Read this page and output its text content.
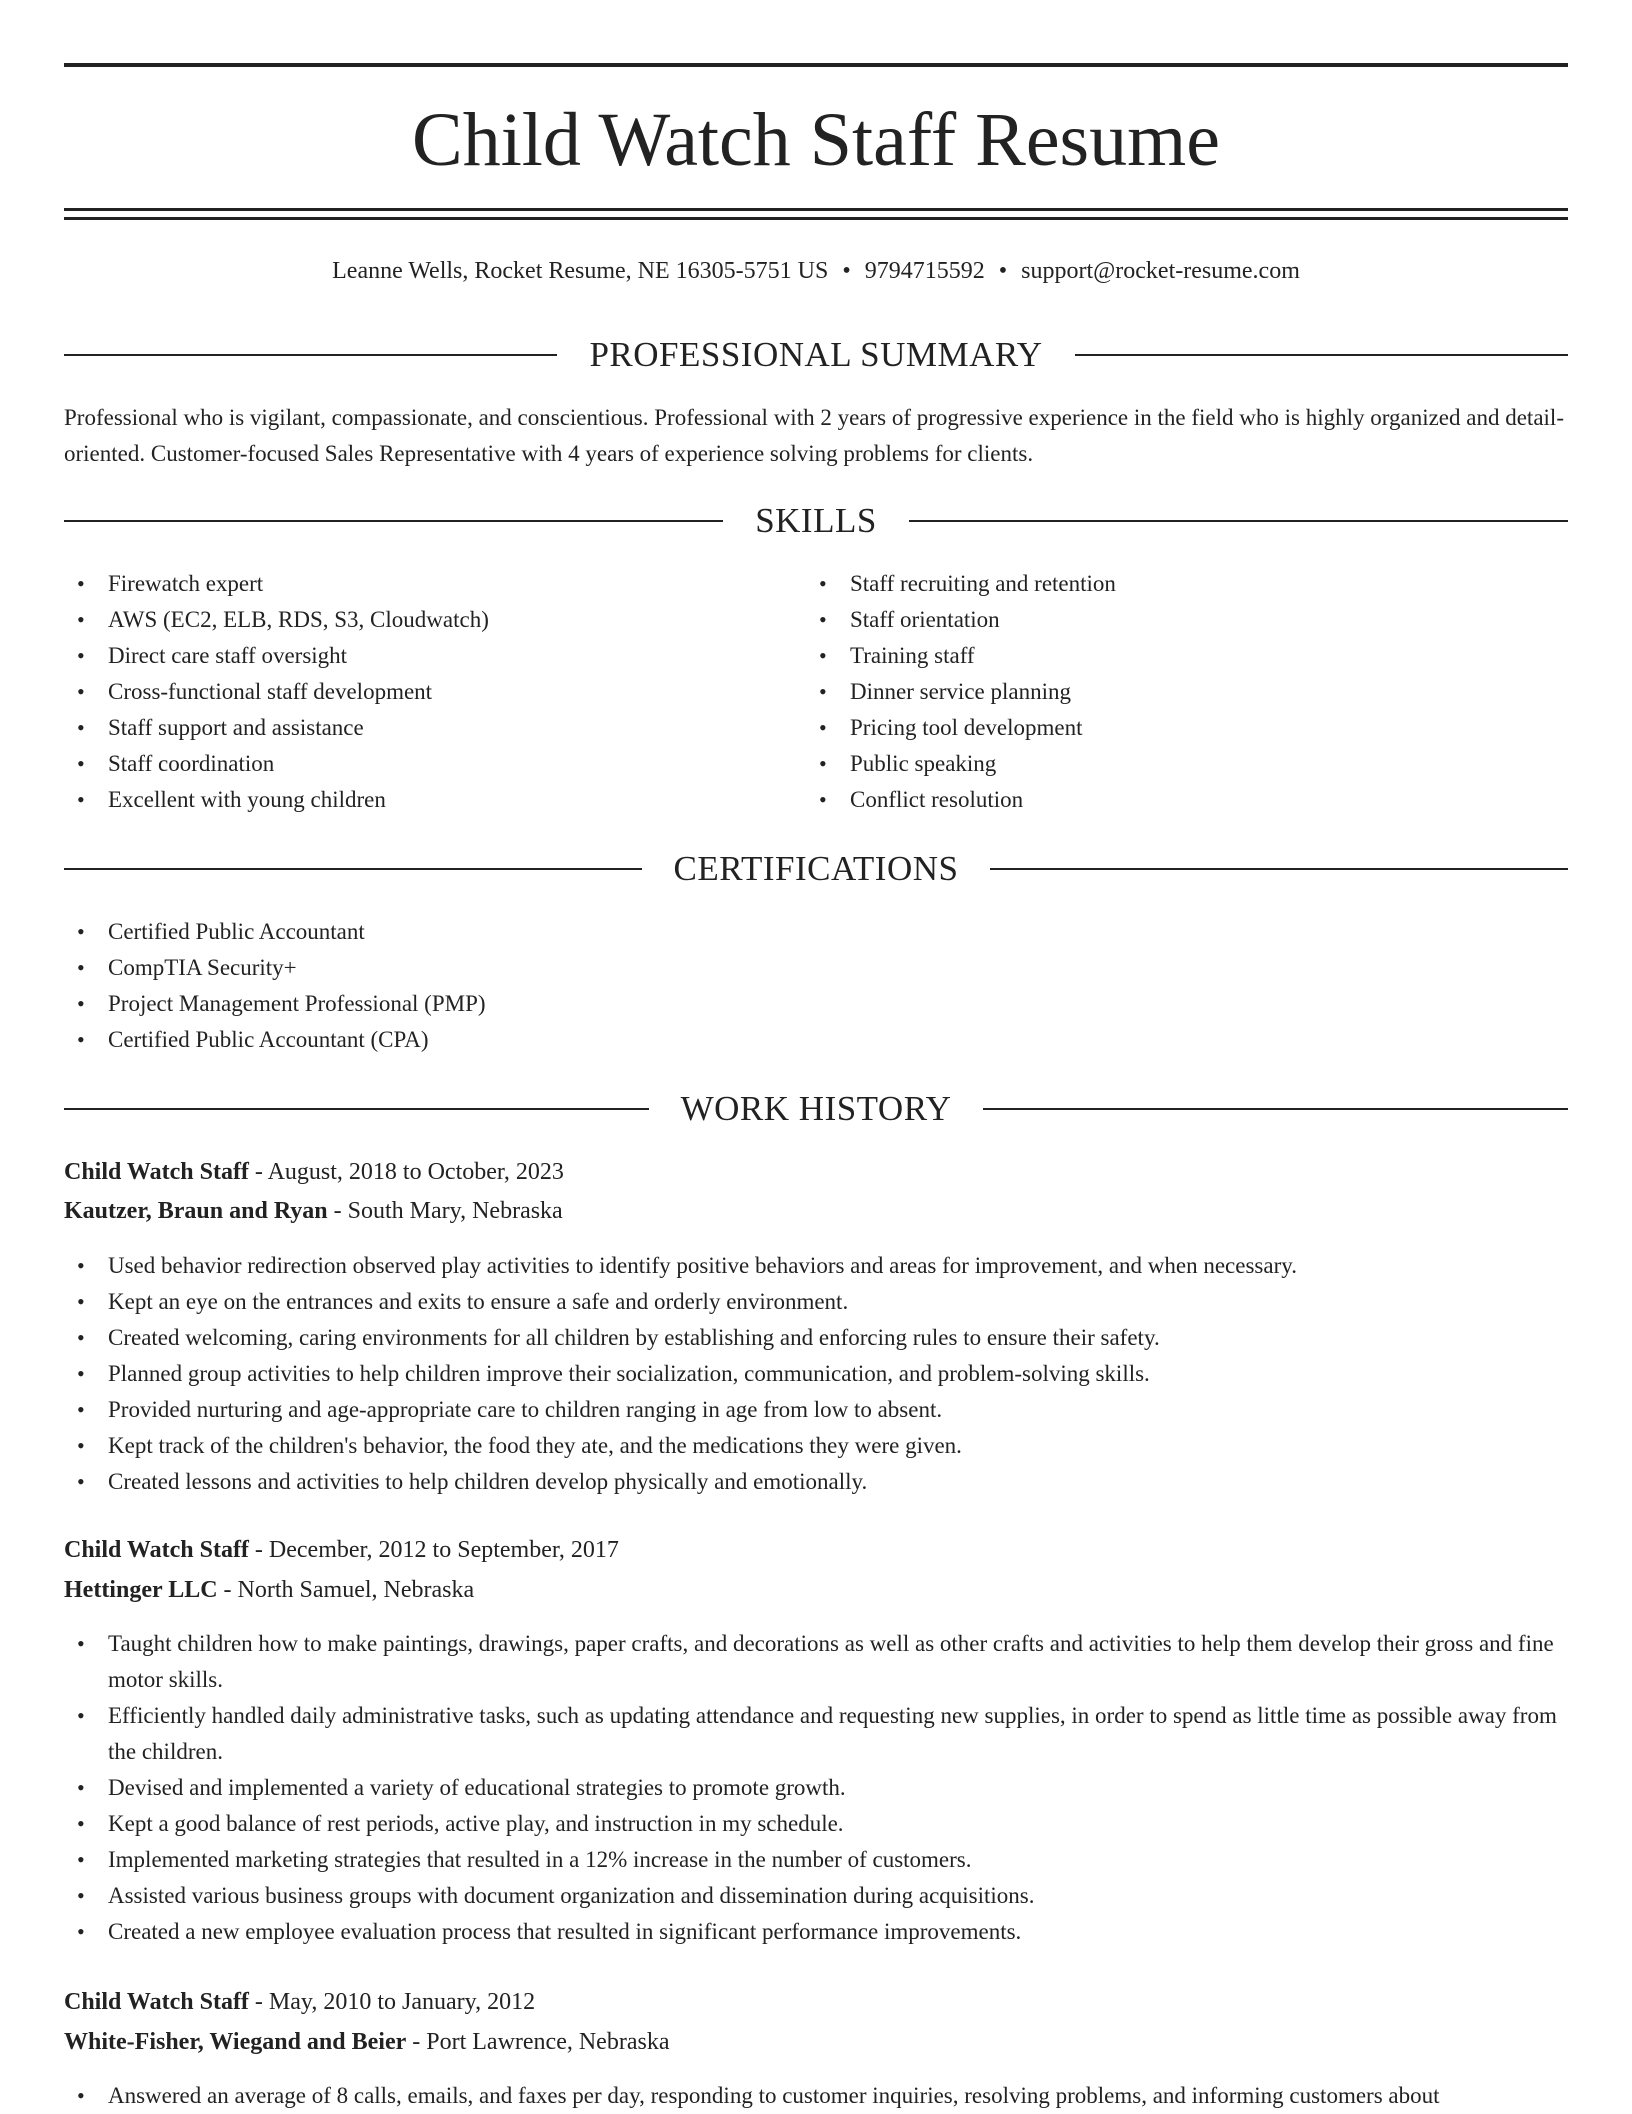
Child Watch Staff Resume
Leanne Wells, Rocket Resume, NE 16305-5751 US • 9794715592 • support@rocket-resume.com
PROFESSIONAL SUMMARY

Professional who is vigilant, compassionate, and conscientious. Professional with 2 years of progressive experience in the field who is highly organized and detail-oriented. Customer-focused Sales Representative with 4 years of experience solving problems for clients.

SKILLS
• Firewatch expert
• AWS (EC2, ELB, RDS, S3, Cloudwatch)
• Direct care staff oversight
• Cross-functional staff development
• Staff support and assistance
• Staff coordination
• Excellent with young children
• Staff recruiting and retention
• Staff orientation
• Training staff
• Dinner service planning
• Pricing tool development
• Public speaking
• Conflict resolution
CERTIFICATIONS
• Certified Public Accountant
• CompTIA Security+
• Project Management Professional (PMP)
• Certified Public Accountant (CPA)
WORK HISTORY
Child Watch Staff - August, 2018 to October, 2023
Kautzer, Braun and Ryan - South Mary, Nebraska
• Used behavior redirection observed play activities to identify positive behaviors and areas for improvement, and when necessary.
• Kept an eye on the entrances and exits to ensure a safe and orderly environment.
• Created welcoming, caring environments for all children by establishing and enforcing rules to ensure their safety.
• Planned group activities to help children improve their socialization, communication, and problem-solving skills.
• Provided nurturing and age-appropriate care to children ranging in age from low to absent.
• Kept track of the children's behavior, the food they ate, and the medications they were given.
• Created lessons and activities to help children develop physically and emotionally.
Child Watch Staff - December, 2012 to September, 2017
Hettinger LLC - North Samuel, Nebraska
• Taught children how to make paintings, drawings, paper crafts, and decorations as well as other crafts and activities to help them develop their gross and fine motor skills.
• Efficiently handled daily administrative tasks, such as updating attendance and requesting new supplies, in order to spend as little time as possible away from the children.
• Devised and implemented a variety of educational strategies to promote growth.
• Kept a good balance of rest periods, active play, and instruction in my schedule.
• Implemented marketing strategies that resulted in a 12% increase in the number of customers.
• Assisted various business groups with document organization and dissemination during acquisitions.
• Created a new employee evaluation process that resulted in significant performance improvements.
Child Watch Staff - May, 2010 to January, 2012
White-Fisher, Wiegand and Beier - Port Lawrence, Nebraska
• Answered an average of 8 calls, emails, and faxes per day, responding to customer inquiries, resolving problems, and informing customers about
